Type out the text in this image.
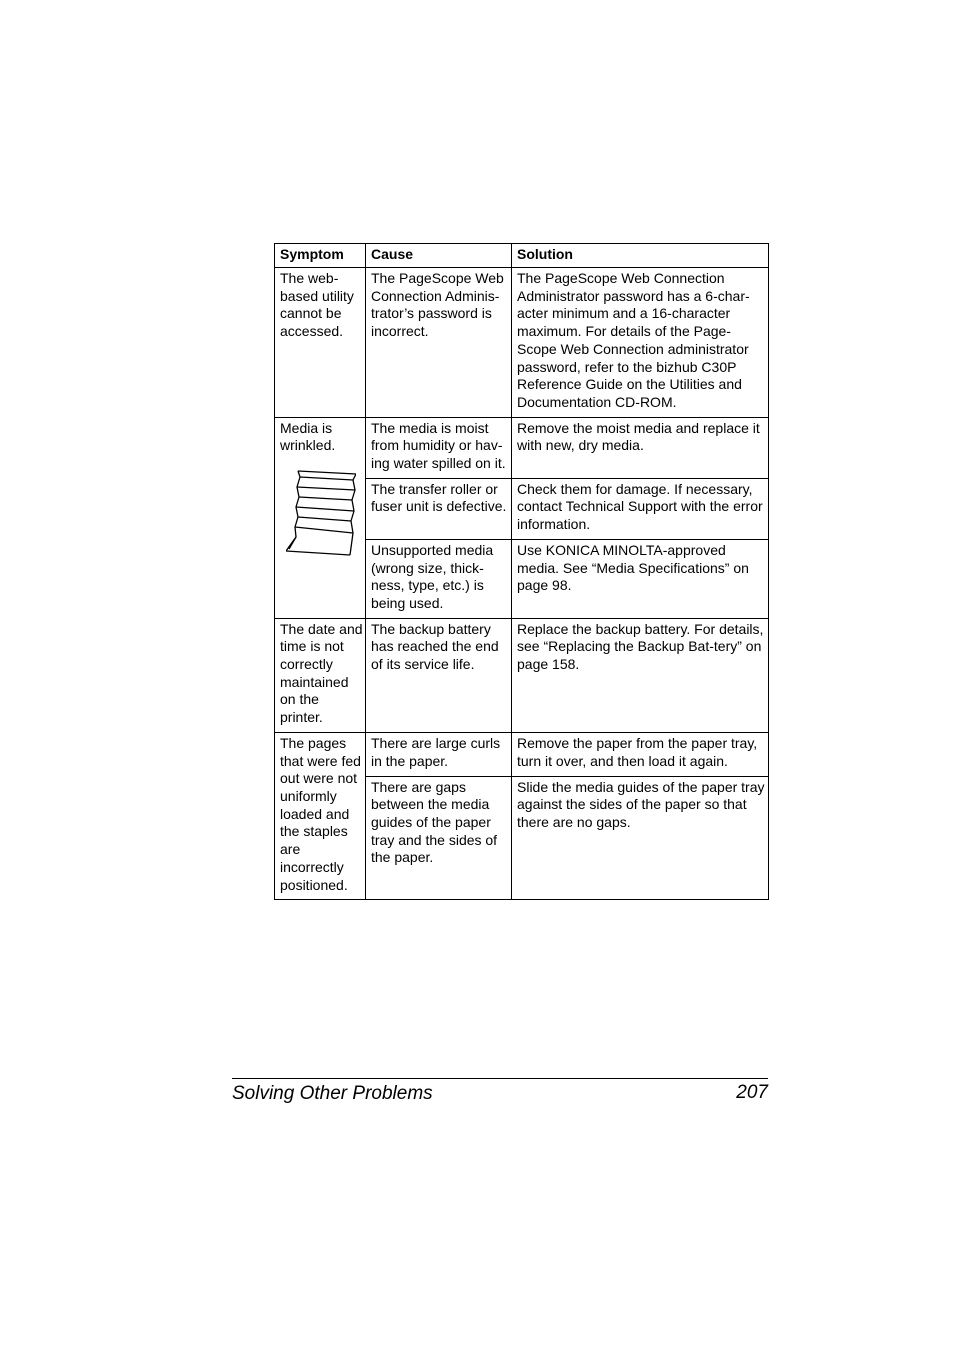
Symptom	Cause	Solution
The web-based utility cannot be accessed.	The PageScope Web Connection Adminis-trator’s password is incorrect.	The PageScope Web Connection Administrator password has a 6-char-acter minimum and a 16-character maximum. For details of the Page-Scope Web Connection administrator password, refer to the bizhub C30P Reference Guide on the Utilities and Documentation CD-ROM.

Media is wrinkled.	The media is moist from humidity or hav-ing water spilled on it.	Remove the moist media and replace it with new, dry media.
	The transfer roller or fuser unit is defective.	Check them for damage. If necessary, contact Technical Support with the error information.
	Unsupported media (wrong size, thick-ness, type, etc.) is being used.	Use KONICA MINOLTA-approved media. See “Media Specifications” on page 98.
The date and time is not correctly maintained on the printer.	The backup battery has reached the end of its service life.	Replace the backup battery. For details, see “Replacing the Backup Bat-tery” on page 158.
The pages that were fed out were not uniformly loaded and the staples are incorrectly positioned.	There are large curls in the paper.	Remove the paper from the paper tray, turn it over, and then load it again.
	There are gaps between the media guides of the paper tray and the sides of the paper.	Slide the media guides of the paper tray against the sides of the paper so that there are no gaps.
Solving Other Problems	207
